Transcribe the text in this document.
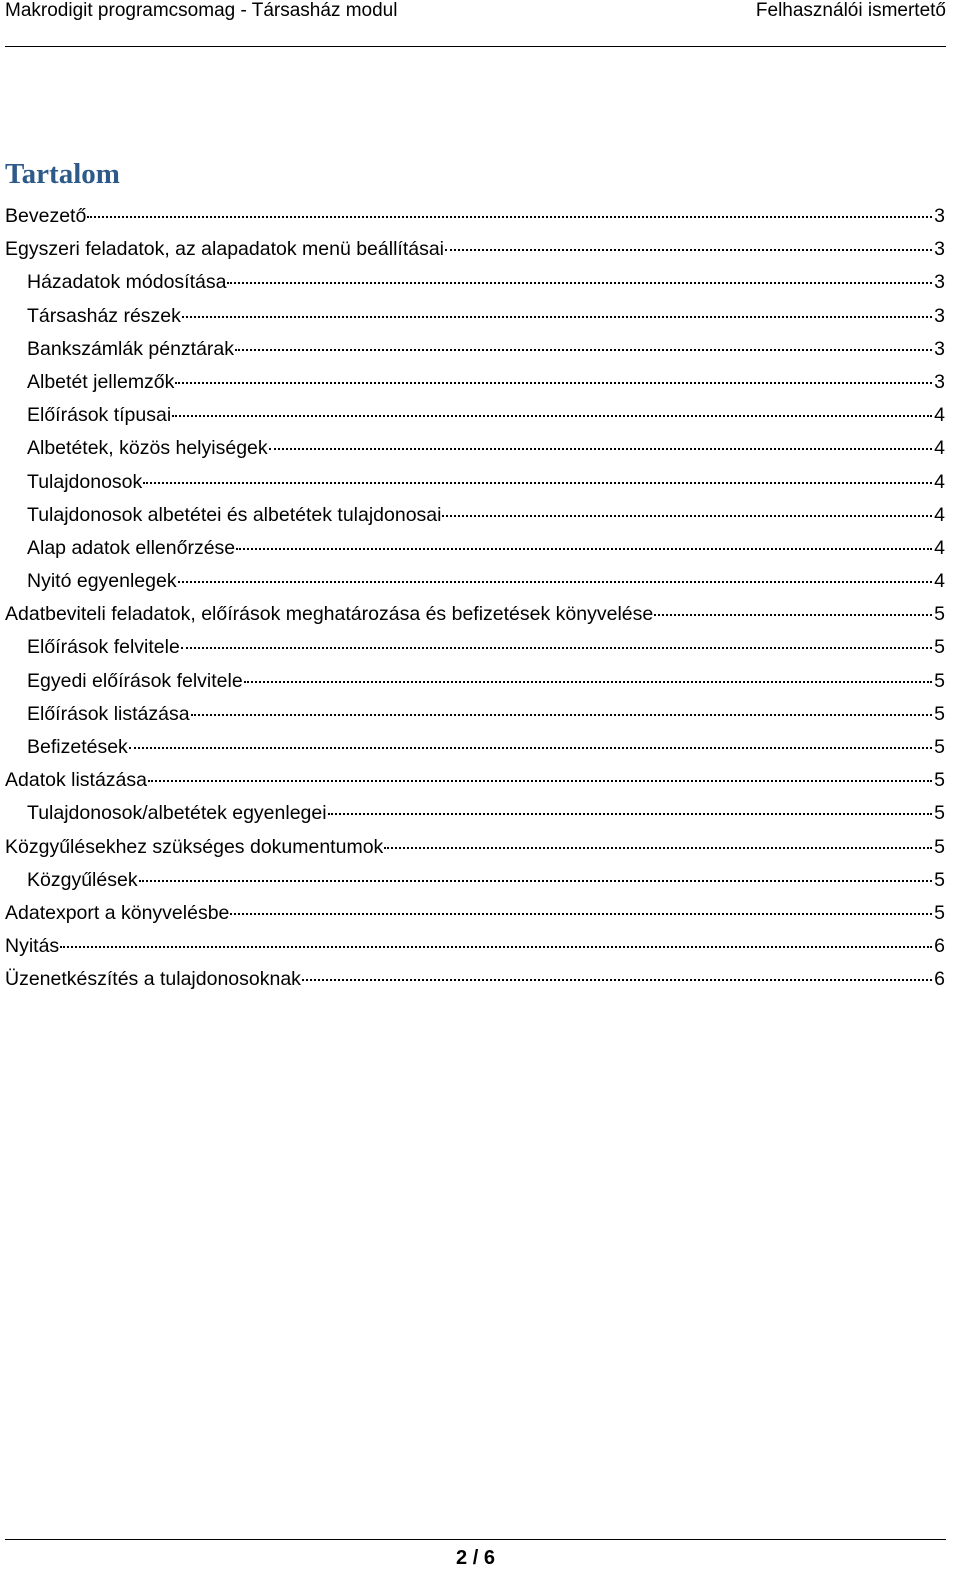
Makrodigit programcsomag - Társasház modul	Felhasználói ismertető
Tartalom
Bevezető	3
Egyszeri feladatok, az alapadatok menü beállításai	3
Házadatok módosítása	3
Társasház részek	3
Bankszámlák pénztárak	3
Albetét jellemzők	3
Előírások típusai	4
Albetétek, közös helyiségek	4
Tulajdonosok	4
Tulajdonosok albetétei és albetétek tulajdonosai	4
Alap adatok ellenőrzése	4
Nyitó egyenlegek	4
Adatbeviteli feladatok, előírások meghatározása és befizetések könyvelése	5
Előírások felvitele	5
Egyedi előírások felvitele	5
Előírások listázása	5
Befizetések	5
Adatok listázása	5
Tulajdonosok/albetétek egyenlegei	5
Közgyűlésekhez szükséges dokumentumok	5
Közgyűlések	5
Adatexport a könyvelésbe	5
Nyitás	6
Üzenetkészítés a tulajdonosoknak	6
2 / 6
